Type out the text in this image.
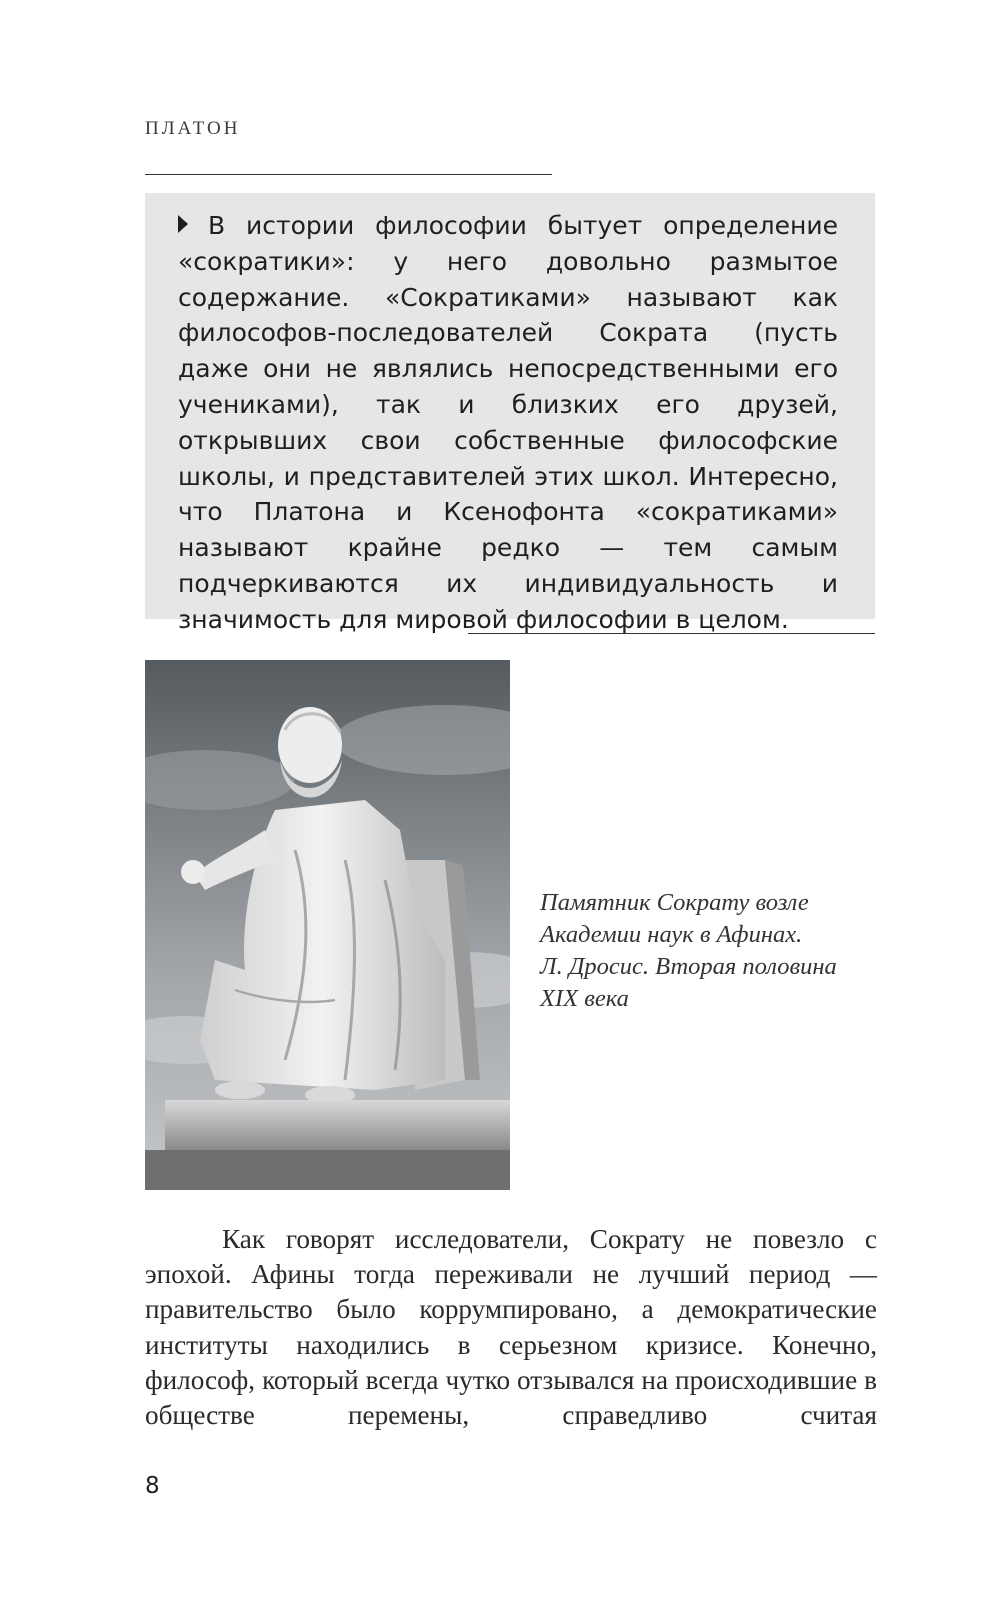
ПЛАТОН

В истории философии бытует определение «сократики»: у него довольно размытое содержание. «Сократиками» называют как философов-последователей Сократа (пусть даже они не являлись непосредственными его учениками), так и близких его друзей, открывших свои собственные философские школы, и представителей этих школ. Интересно, что Платона и Ксенофонта «сократиками» называют крайне редко — тем самым подчеркиваются их индивидуальность и значимость для мировой философии в целом.

Памятник Сократу возле
Академии наук в Афинах.
Л. Дросис. Вторая половина
XIX века

Как говорят исследователи, Сократу не повезло с эпохой. Афины тогда переживали не лучший период — правительство было коррумпировано, а демократические институты находились в серьезном кризисе. Конечно, философ, который всегда чутко отзывался на происходившие в обществе перемены, справедливо считая

8
